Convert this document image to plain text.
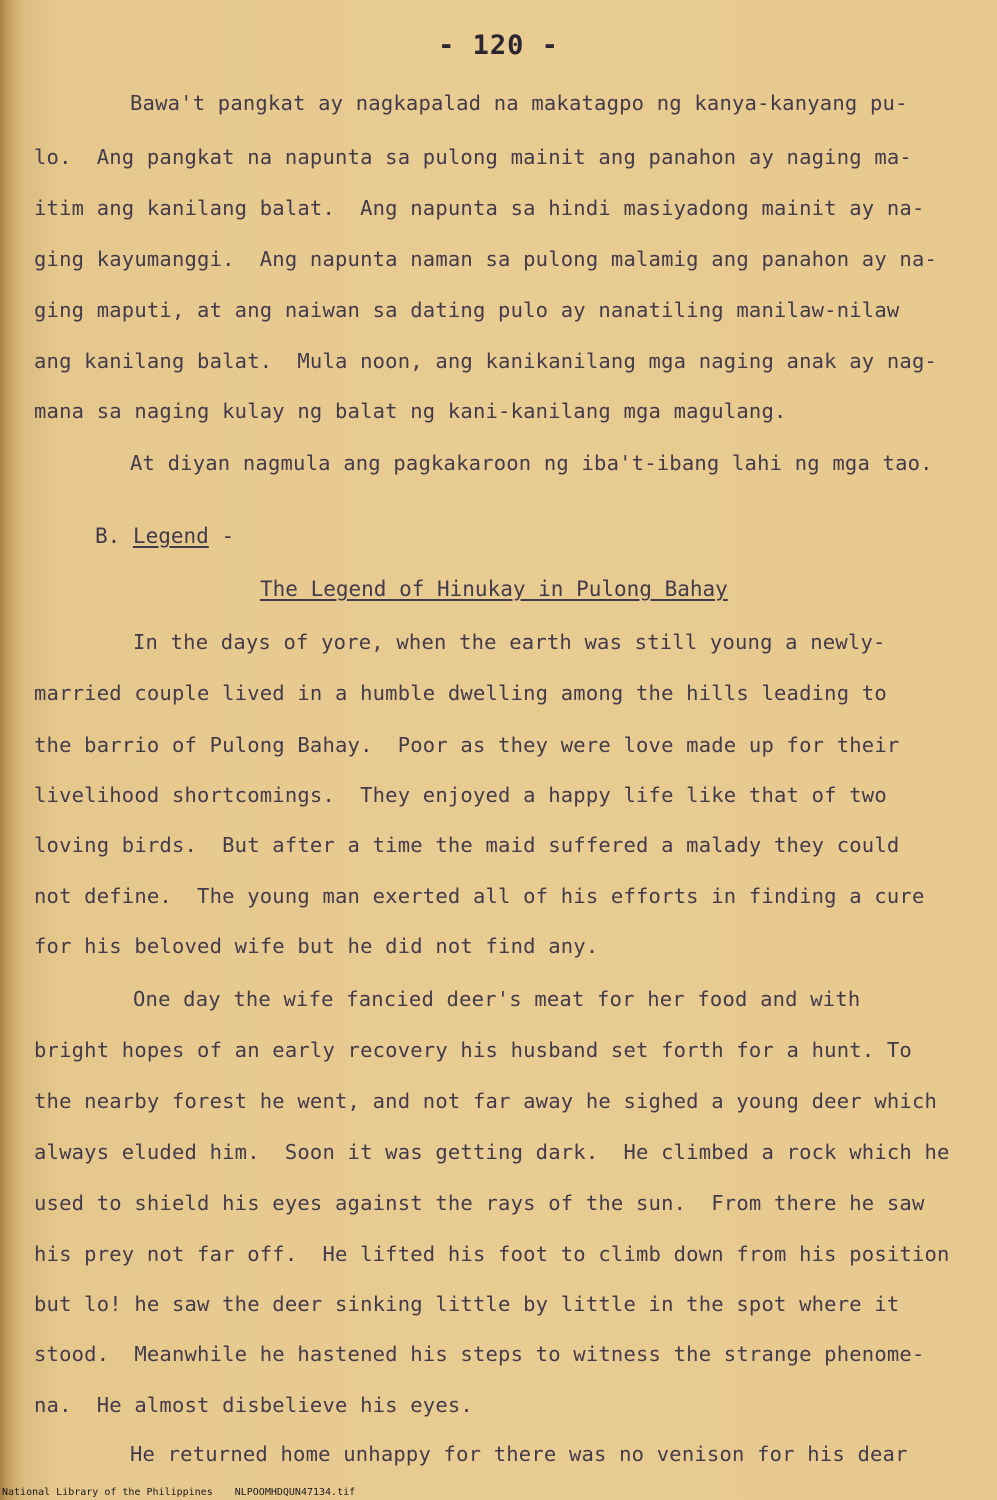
- 120 -
Bawa't pangkat ay nagkapalad na makatagpo ng kanya-kanyang pu-
lo.  Ang pangkat na napunta sa pulong mainit ang panahon ay naging ma-
itim ang kanilang balat.  Ang napunta sa hindi masiyadong mainit ay na-
ging kayumanggi.  Ang napunta naman sa pulong malamig ang panahon ay na-
ging maputi, at ang naiwan sa dating pulo ay nanatiling manilaw-nilaw
ang kanilang balat.  Mula noon, ang kanikanilang mga naging anak ay nag-
mana sa naging kulay ng balat ng kani-kanilang mga magulang.
At diyan nagmula ang pagkakaroon ng iba't-ibang lahi ng mga tao.
B. Legend -
The Legend of Hinukay in Pulong Bahay
In the days of yore, when the earth was still young a newly-
married couple lived in a humble dwelling among the hills leading to
the barrio of Pulong Bahay.  Poor as they were love made up for their
livelihood shortcomings.  They enjoyed a happy life like that of two
loving birds.  But after a time the maid suffered a malady they could
not define.  The young man exerted all of his efforts in finding a cure
for his beloved wife but he did not find any.
One day the wife fancied deer's meat for her food and with
bright hopes of an early recovery his husband set forth for a hunt. To
the nearby forest he went, and not far away he sighed a young deer which
always eluded him.  Soon it was getting dark.  He climbed a rock which he
used to shield his eyes against the rays of the sun.  From there he saw
his prey not far off.  He lifted his foot to climb down from his position
but lo! he saw the deer sinking little by little in the spot where it
stood.  Meanwhile he hastened his steps to witness the strange phenome-
na.  He almost disbelieve his eyes.
He returned home unhappy for there was no venison for his dear
National Library of the Philippines NLPOOMHDQUN47134.tif
